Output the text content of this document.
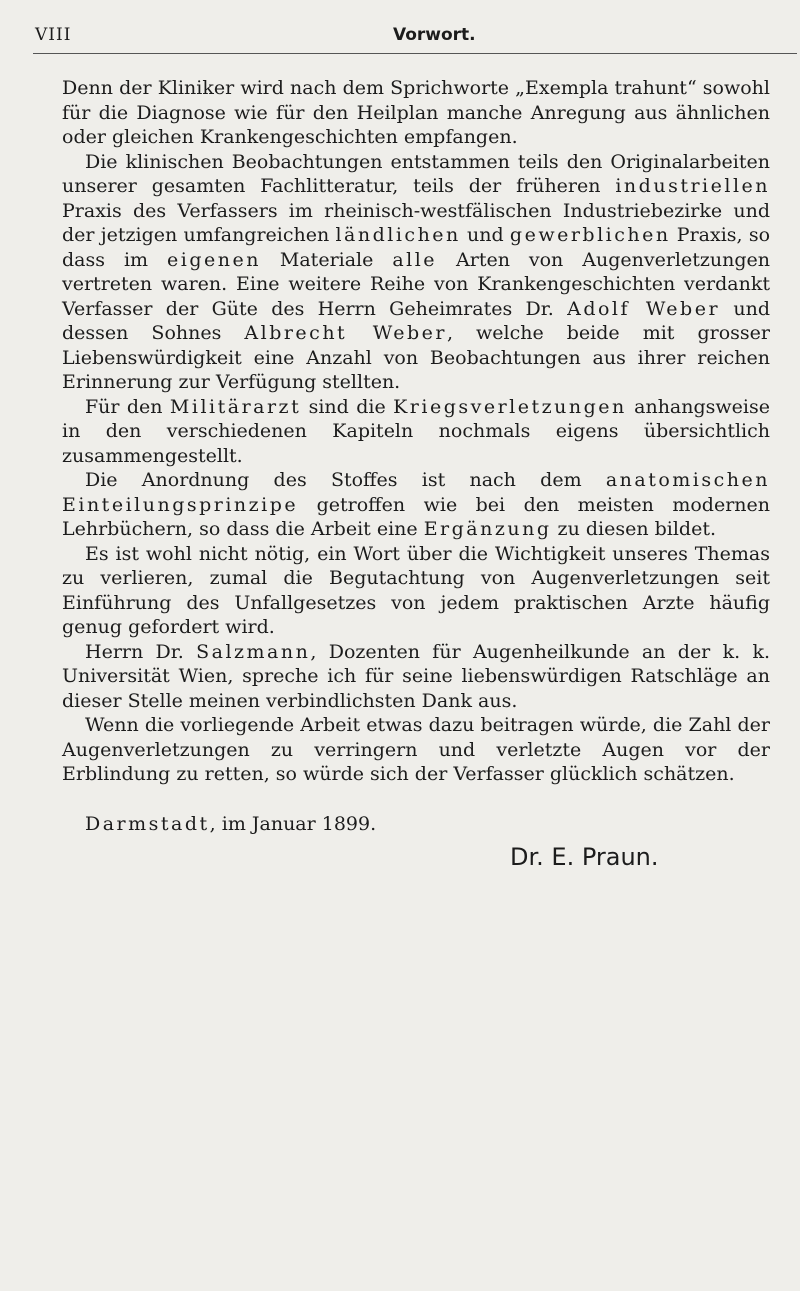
VIII	Vorwort.

Denn der Kliniker wird nach dem Sprichworte „Exempla trahunt“ sowohl für die Diagnose wie für den Heilplan manche Anregung aus ähnlichen oder gleichen Krankengeschichten empfangen.

Die klinischen Beobachtungen entstammen teils den Originalarbeiten unserer gesamten Fachlitteratur, teils der früheren industriellen Praxis des Verfassers im rheinisch-westfälischen Industriebezirke und der jetzigen umfangreichen ländlichen und gewerblichen Praxis, so dass im eigenen Materiale alle Arten von Augenverletzungen vertreten waren. Eine weitere Reihe von Krankengeschichten verdankt Verfasser der Güte des Herrn Geheimrates Dr. Adolf Weber und dessen Sohnes Albrecht Weber, welche beide mit grosser Liebenswürdigkeit eine Anzahl von Beobachtungen aus ihrer reichen Erinnerung zur Verfügung stellten.

Für den Militärarzt sind die Kriegsverletzungen anhangsweise in den verschiedenen Kapiteln nochmals eigens übersichtlich zusammengestellt.

Die Anordnung des Stoffes ist nach dem anatomischen Einteilungsprinzipe getroffen wie bei den meisten modernen Lehrbüchern, so dass die Arbeit eine Ergänzung zu diesen bildet.

Es ist wohl nicht nötig, ein Wort über die Wichtigkeit unseres Themas zu verlieren, zumal die Begutachtung von Augenverletzungen seit Einführung des Unfallgesetzes von jedem praktischen Arzte häufig genug gefordert wird.

Herrn Dr. Salzmann, Dozenten für Augenheilkunde an der k. k. Universität Wien, spreche ich für seine liebenswürdigen Ratschläge an dieser Stelle meinen verbindlichsten Dank aus.

Wenn die vorliegende Arbeit etwas dazu beitragen würde, die Zahl der Augenverletzungen zu verringern und verletzte Augen vor der Erblindung zu retten, so würde sich der Verfasser glücklich schätzen.

Darmstadt, im Januar 1899.
Dr. E. Praun.
